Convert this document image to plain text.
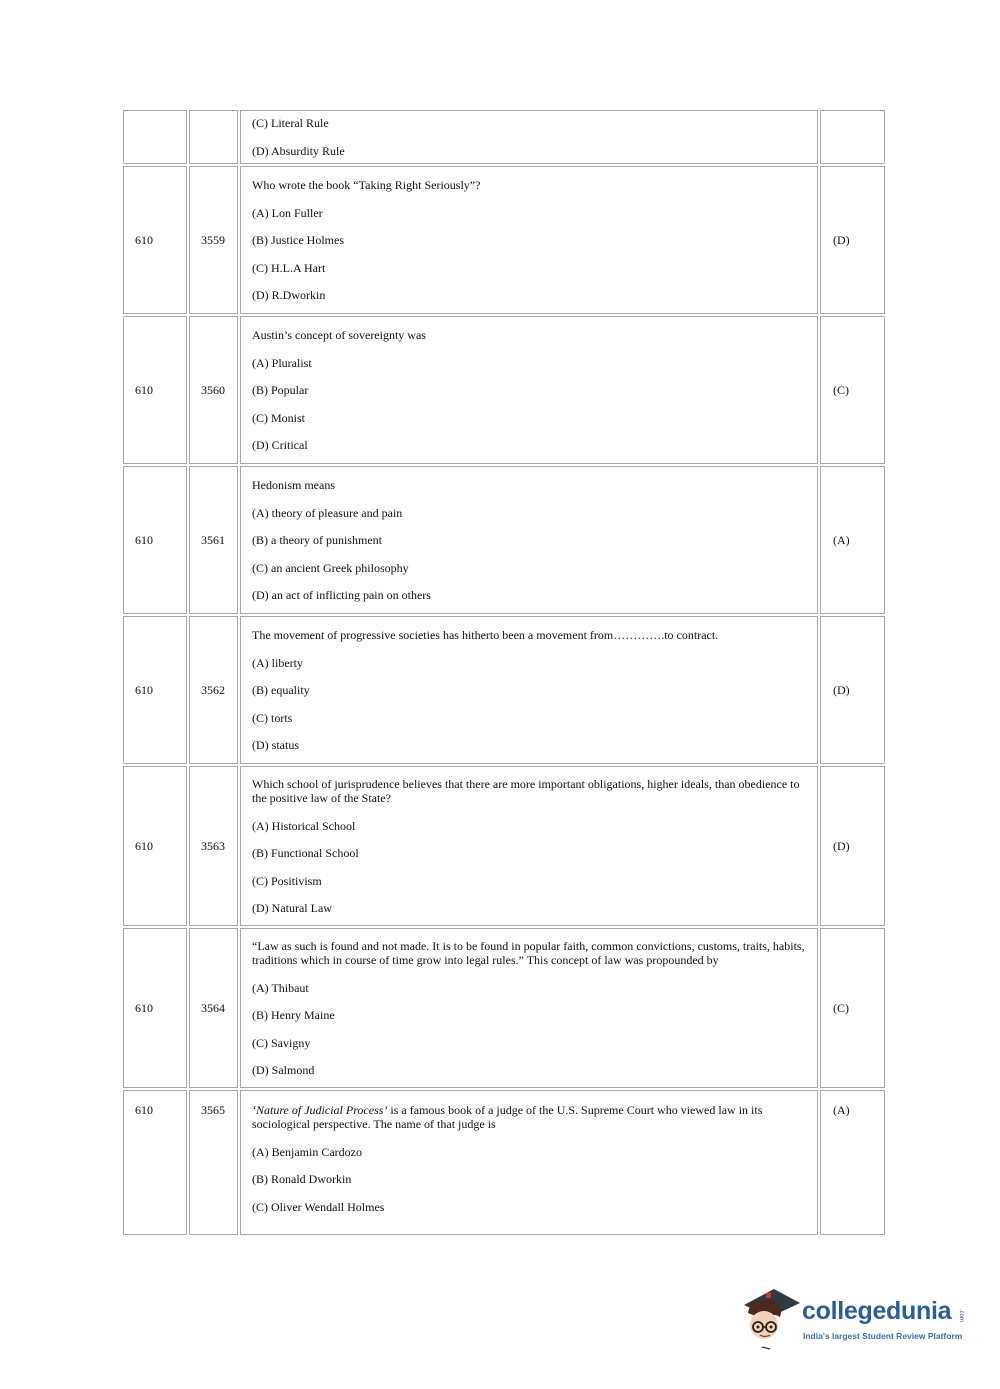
		(C) Literal Rule

(D) Absurdity Rule	

610	3559	Who wrote the book “Taking Right Seriously”?

(A) Lon Fuller

(B) Justice Holmes

(C) H.L.A Hart

(D) R.Dworkin	(D)
610	3560	Austin’s concept of sovereignty was

(A) Pluralist

(B) Popular

(C) Monist

(D) Critical	(C)
610	3561	Hedonism means

(A) theory of pleasure and pain

(B) a theory of punishment

(C) an ancient Greek philosophy

(D) an act of inflicting pain on others	(A)
610	3562	The movement of progressive societies has hitherto been a movement from………….to contract.

(A) liberty

(B) equality

(C) torts

(D) status	(D)
610	3563	Which school of jurisprudence believes that there are more important obligations, higher ideals, than obedience to the positive law of the State?

(A) Historical School

(B) Functional School

(C) Positivism

(D) Natural Law	(D)
610	3564	“Law as such is found and not made. It is to be found in popular faith, common convictions, customs, traits, habits, traditions which in course of time grow into legal rules.” This concept of law was propounded by

(A) Thibaut

(B) Henry Maine

(C) Savigny

(D) Salmond	(C)
610	3565	‘Nature of Judicial Process’ is a famous book of a judge of the U.S. Supreme Court who viewed law in its sociological perspective. The name of that judge is

(A) Benjamin Cardozo

(B) Ronald Dworkin

(C) Oliver Wendall Holmes	(A)
collegedunia .com
India's largest Student Review Platform
